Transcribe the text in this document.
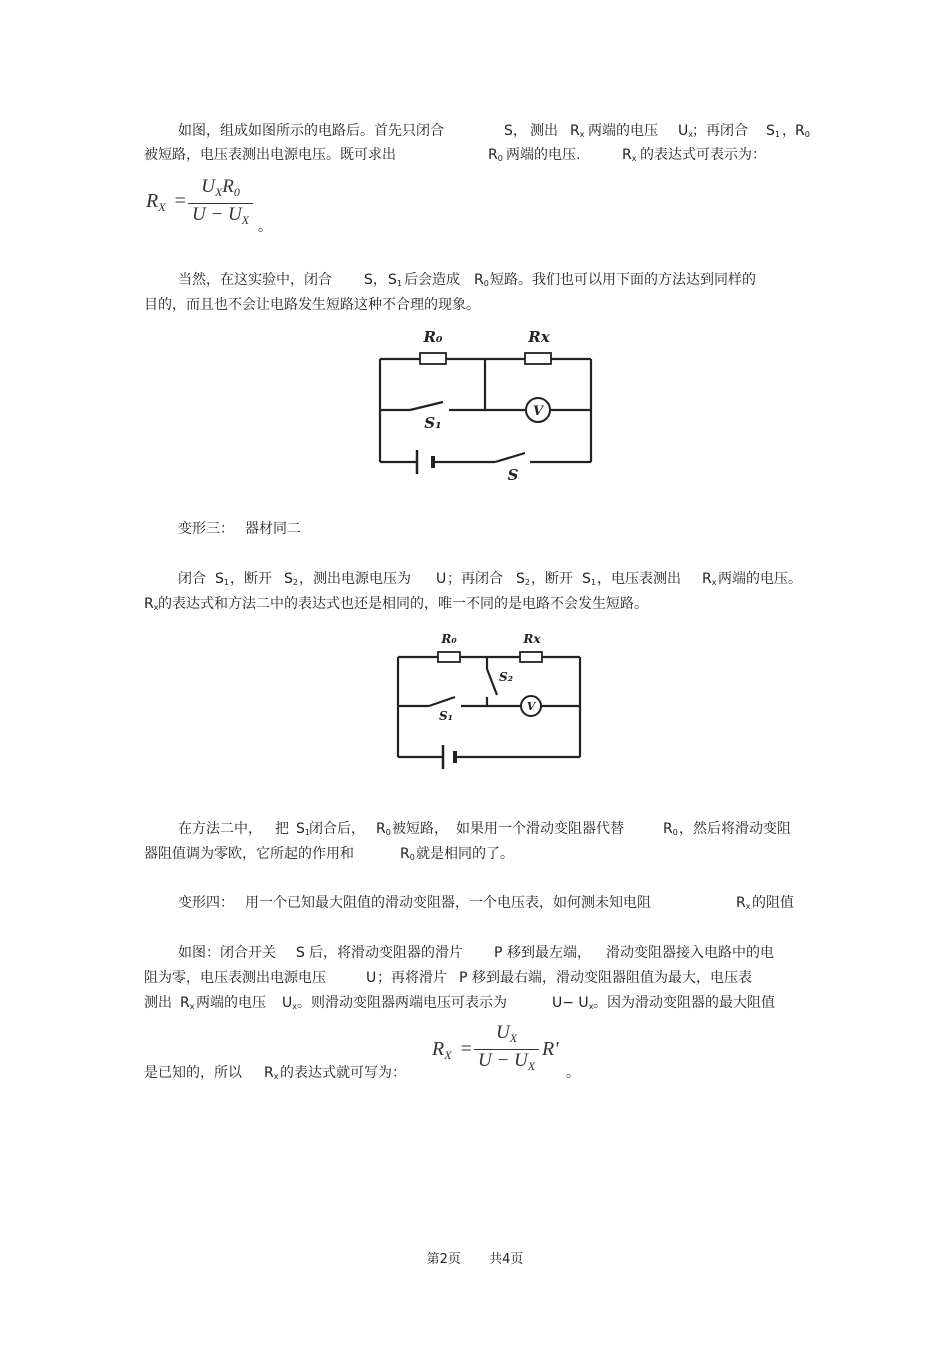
如图，组成如图所示的电路后。首先只闭合	S， 测出 $R_x$ 两端的电压 $U_x$ ；再闭合 $S_1$ ， $R_0$
被短路，电压表测出电源电压。既可求出	$R_0$ 两端的电压.	$R_x$ 的表达式可表示为：
$R_X$ =
$U_XR_0$
$U - U_X$ 。
当然，在这实验中，闭合 S， $S_1$ 后会造成 $R_0$ 短路。我们也可以用下面的方法达到同样的
目的，而且也不会让电路发生短路这种不合理的现象。
R₀	Rx
S₁
V
S
变形三： 器材同二
闭合 $S_1$ ，断开 $S_2$ ，测出电源电压为 U ；再闭合 $S_2$ ，断开 $S_1$ ，电压表测出 $R_x$ 两端的电压。
$R_x$ 的表达式和方法二中的表达式也还是相同的，唯一不同的是电路不会发生短路。
R₀	Rx
S₂
S₁
V
在方法二中， 把 $S_1$ 闭合后， $R_0$ 被短路， 如果用一个滑动变阻器代替	$R_0$ ，然后将滑动变阻
器阻值调为零欧，它所起的作用和	$R_0$ 就是相同的了。
变形四： 用一个已知最大阻值的滑动变阻器，一个电压表，如何测未知电阻	$R_x$ 的阻值
如图：闭合开关 S 后，将滑动变阻器的滑片 P 移到最左端， 滑动变阻器接入电路中的电
阻为零，电压表测出电源电压	U ；再将滑片 P 移到最右端，滑动变阻器阻值为最大，电压表
测出 $R_x$ 两端的电压 $U_x$ 。则滑动变阻器两端电压可表示为	$U- U_x$ 。因为滑动变阻器的最大阻值
是已知的，所以 $R_x$ 的表达式就可写为：	。
$R_X$ =
$U_X$
$U - U_X$
R'
第2页 共4页
